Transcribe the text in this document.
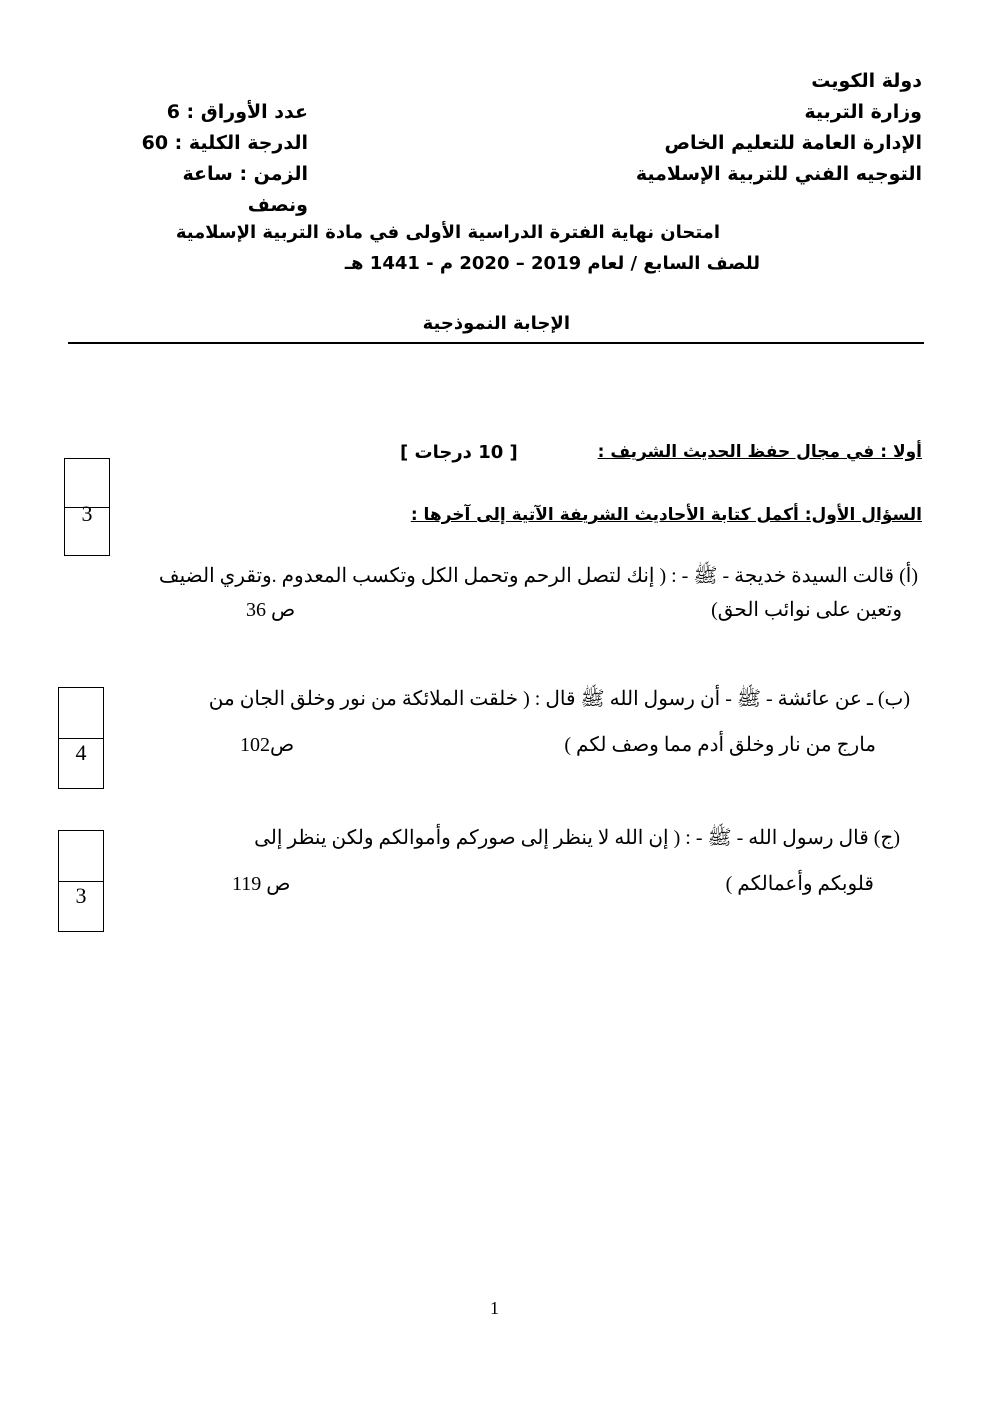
دولة الكويت
وزارة التربية
الإدارة العامة للتعليم الخاص
التوجيه الفني للتربية الإسلامية
عدد الأوراق : 6
الدرجة الكلية : 60
الزمن : ساعة ونصف
امتحان نهاية الفترة الدراسية الأولى في مادة التربية الإسلامية
للصف السابع / لعام 2019 – 2020 م - 1441 هـ
الإجابة النموذجية
أولا : في مجال حفظ الحديث الشريف :
[ 10 درجات ]
السؤال الأول: أكمل كتابة الأحاديث الشريفة الآتية إلى آخرها :
3
(أ) قالت السيدة خديجة - ﷺ - : ( إنك لتصل الرحم وتحمل الكل وتكسب المعدوم .وتقري الضيف
وتعين على نوائب الحق)
ص 36
4
(ب) ـ عن عائشة - ﷺ - أن رسول الله ﷺ قال : ( خلقت الملائكة من نور وخلق الجان من
مارج من نار وخلق أدم مما وصف لكم )
ص102
3
(ج) قال رسول الله - ﷺ - : ( إن الله لا ينظر إلى صوركم وأموالكم ولكن ينظر إلى
قلوبكم وأعمالكم )
ص 119
1
